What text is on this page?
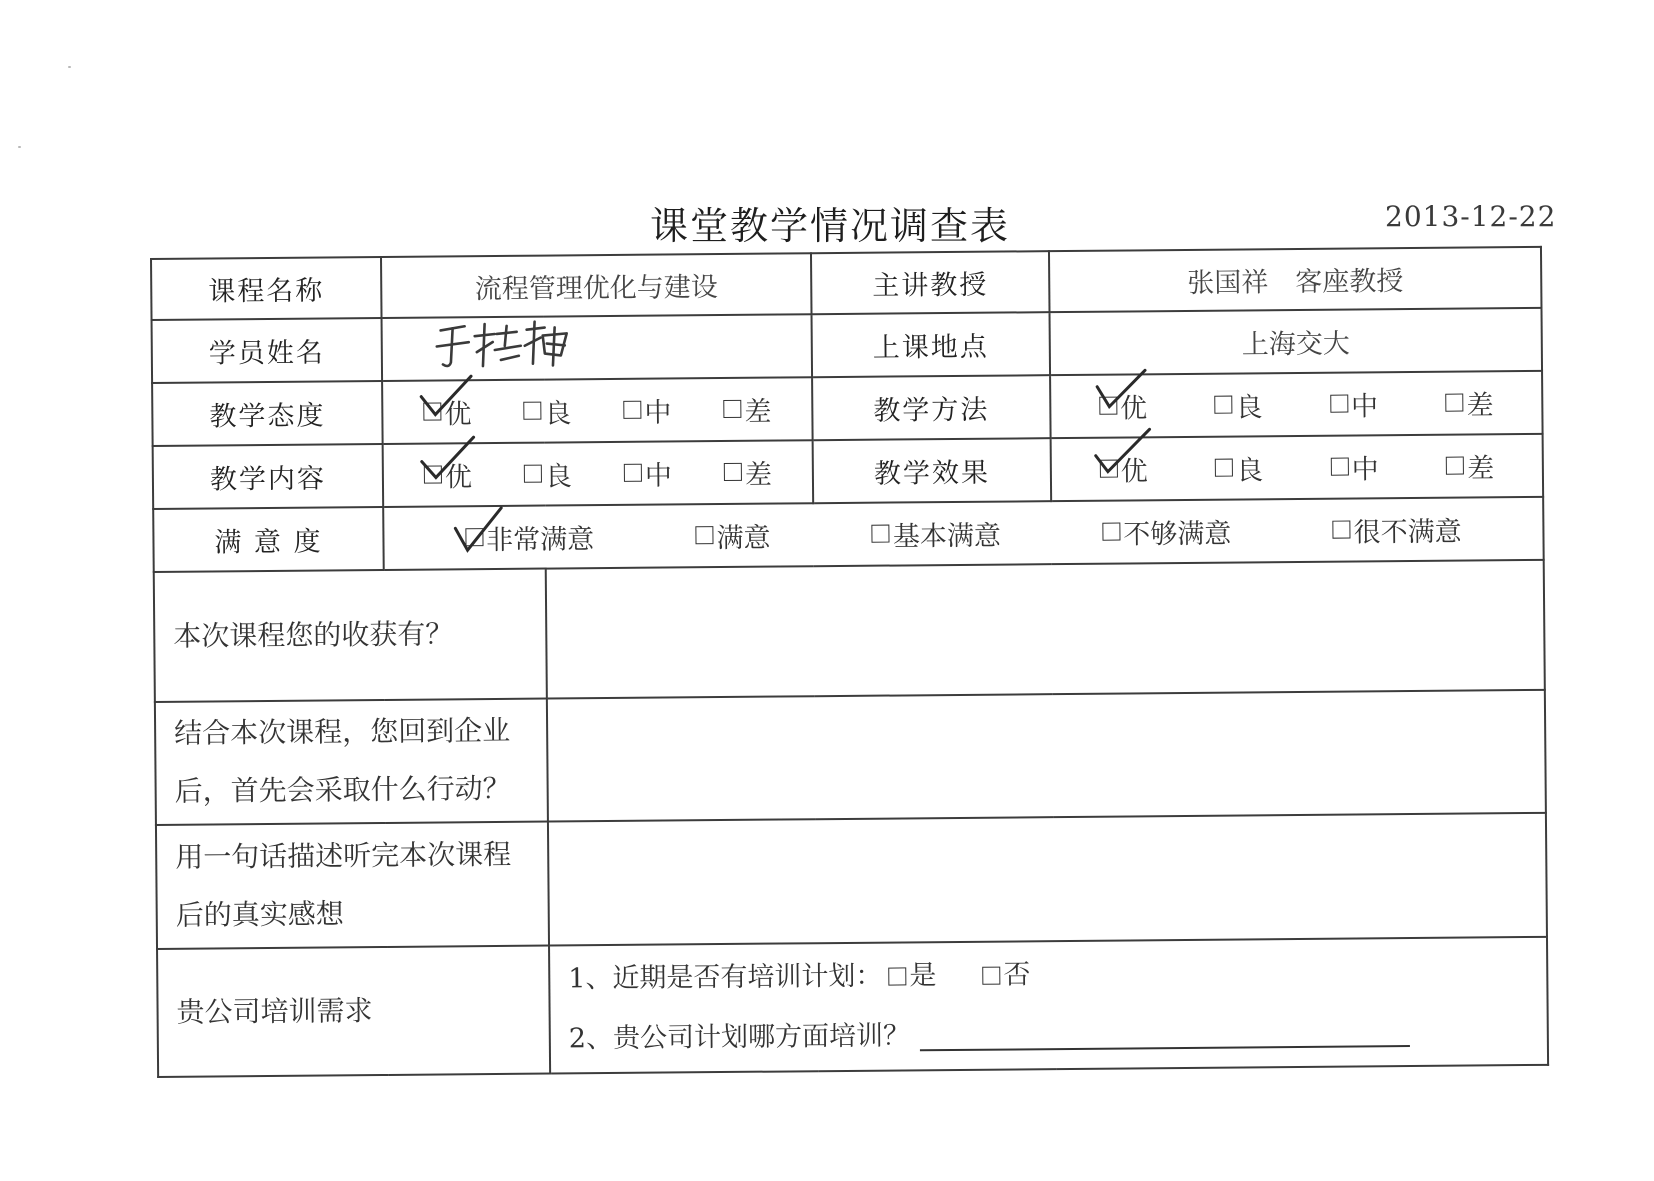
课堂教学情况调查表	2013-12-22
课程名称	流程管理优化与建设		主讲教授	张国祥　客座教授
学员姓名			上课地点	上海交大
教学态度	优 良 中 差		教学方法	优 良 中 差

教学内容	优 良 中 差		教学效果	优 良 中 差

满 意 度	非常满意 满意 基本满意 不够满意 很不满意			

本次课程您的收获有？				

结合本次课程，您回到企业
后，首先会采取什么行动？				

用一句话描述听完本次课程
后的真实感想				

贵公司培训需求		1、近期是否有培训计划： 是 否
2、贵公司计划哪方面培训？		
